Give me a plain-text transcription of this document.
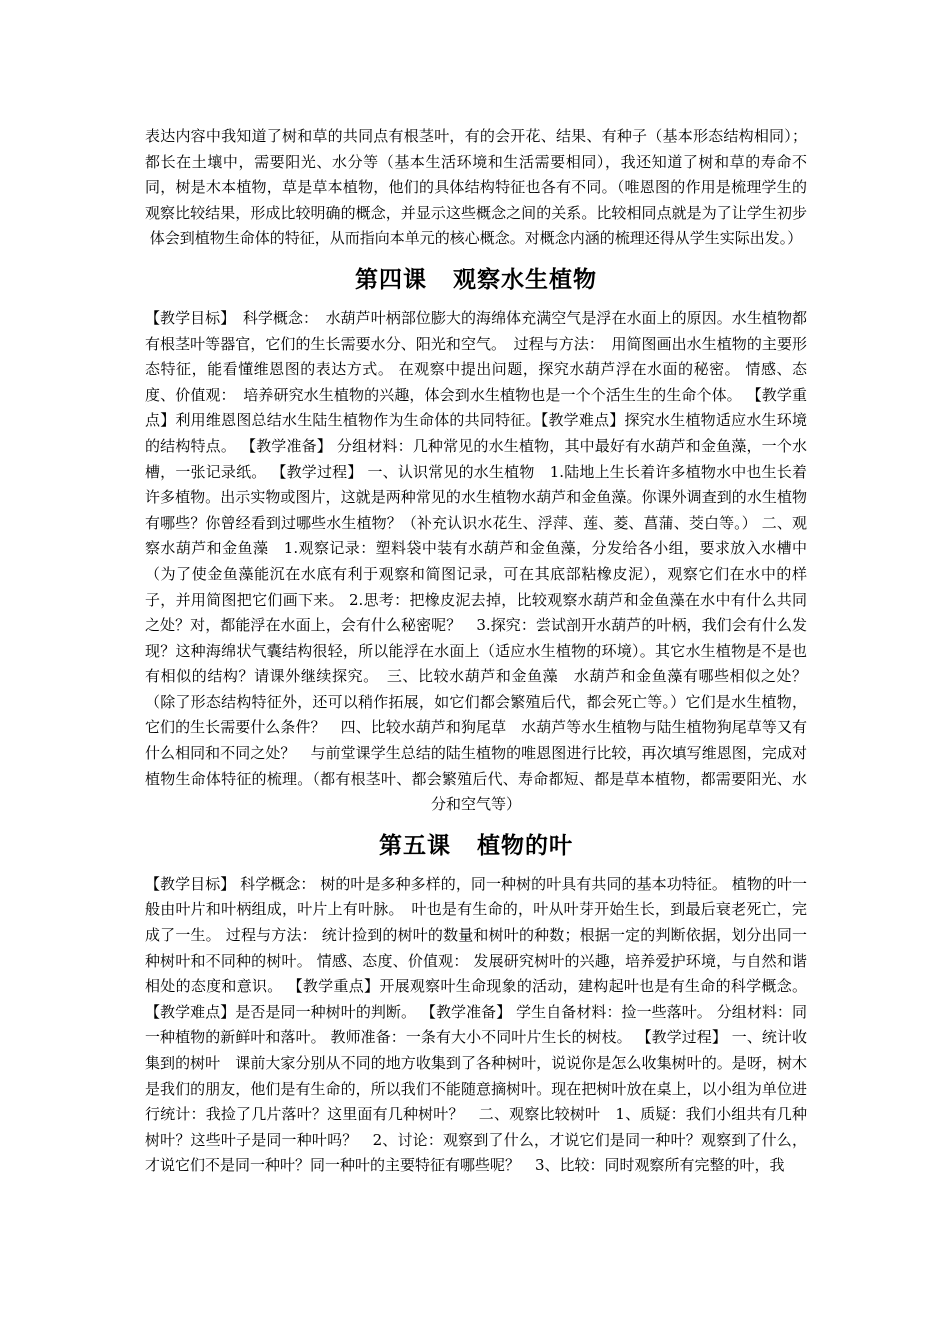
表达内容中我知道了树和草的共同点有根茎叶，有的会开花、结果、有种子（基本形态结构相同）；都长在土壤中，需要阳光、水分等（基本生活环境和生活需要相同），我还知道了树和草的寿命不同，树是木本植物，草是草本植物，他们的具体结构特征也各有不同。（唯恩图的作用是梳理学生的观察比较结果，形成比较明确的概念，并显示这些概念之间的关系。比较相同点就是为了让学生初步体会到植物生命体的特征，从而指向本单元的核心概念。对概念内涵的梳理还得从学生实际出发。）

第四课 观察水生植物

【教学目标】　科学概念：　水葫芦叶柄部位膨大的海绵体充满空气是浮在水面上的原因。水生植物都有根茎叶等器官，它们的生长需要水分、阳光和空气。　过程与方法：　用简图画出水生植物的主要形态特征，能看懂维恩图的表达方式。 在观察中提出问题，探究水葫芦浮在水面的秘密。 情感、态度、价值观：　培养研究水生植物的兴趣，体会到水生植物也是一个个活生生的生命个体。 【教学重点】利用维恩图总结水生陆生植物作为生命体的共同特征。【教学难点】探究水生植物适应水生环境的结构特点。 【教学准备】 分组材料：几种常见的水生植物，其中最好有水葫芦和金鱼藻，一个水槽，一张记录纸。 【教学过程】 一、认识常见的水生植物　1.陆地上生长着许多植物水中也生长着许多植物。出示实物或图片，这就是两种常见的水生植物水葫芦和金鱼藻。你课外调查到的水生植物有哪些？你曾经看到过哪些水生植物？（补充认识水花生、浮萍、莲、菱、菖蒲、茭白等。） 二、观察水葫芦和金鱼藻　1.观察记录：塑料袋中装有水葫芦和金鱼藻，分发给各小组，要求放入水槽中（为了使金鱼藻能沉在水底有利于观察和简图记录，可在其底部粘橡皮泥），观察它们在水中的样子，并用简图把它们画下来。 2.思考：把橡皮泥去掉，比较观察水葫芦和金鱼藻在水中有什么共同之处？对，都能浮在水面上，会有什么秘密呢？　3.探究：尝试剖开水葫芦的叶柄，我们会有什么发现？这种海绵状气囊结构很轻，所以能浮在水面上（适应水生植物的环境）。其它水生植物是不是也有相似的结构？请课外继续探究。　三、比较水葫芦和金鱼藻　水葫芦和金鱼藻有哪些相似之处？（除了形态结构特征外，还可以稍作拓展，如它们都会繁殖后代，都会死亡等。）它们是水生植物，它们的生长需要什么条件？　四、比较水葫芦和狗尾草　水葫芦等水生植物与陆生植物狗尾草等又有什么相同和不同之处？　与前堂课学生总结的陆生植物的唯恩图进行比较，再次填写维恩图，完成对植物生命体特征的梳理。（都有根茎叶、都会繁殖后代、寿命都短、都是草本植物，都需要阳光、水分和空气等）

第五课 植物的叶

【教学目标】 科学概念： 树的叶是多种多样的，同一种树的叶具有共同的基本功特征。 植物的叶一般由叶片和叶柄组成，叶片上有叶脉。　叶也是有生命的，叶从叶芽开始生长，到最后衰老死亡，完成了一生。 过程与方法： 统计捡到的树叶的数量和树叶的种数；根据一定的判断依据，划分出同一种树叶和不同种的树叶。 情感、态度、价值观： 发展研究树叶的兴趣，培养爱护环境，与自然和谐相处的态度和意识。 【教学重点】开展观察叶生命现象的活动，建构起叶也是有生命的科学概念。 【教学难点】是否是同一种树叶的判断。 【教学准备】 学生自备材料：捡一些落叶。 分组材料：同一种植物的新鲜叶和落叶。 教师准备：一条有大小不同叶片生长的树枝。 【教学过程】 一、统计收集到的树叶　课前大家分别从不同的地方收集到了各种树叶，说说你是怎么收集树叶的。是呀，树木是我们的朋友，他们是有生命的，所以我们不能随意摘树叶。现在把树叶放在桌上，以小组为单位进行统计：我捡了几片落叶？这里面有几种树叶？　二、观察比较树叶　1、质疑：我们小组共有几种树叶？这些叶子是同一种叶吗？　2、讨论：观察到了什么，才说它们是同一种叶？观察到了什么，才说它们不是同一种叶？同一种叶的主要特征有哪些呢？　3、比较：同时观察所有完整的叶，我
